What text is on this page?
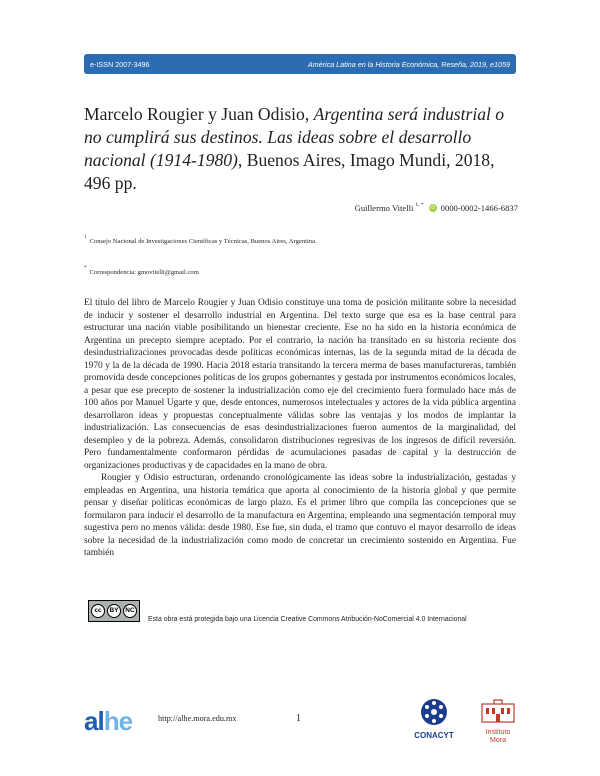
e-ISSN 2007-3496	América Latina en la Historia Económica, Reseña, 2019, e1059
Marcelo Rougier y Juan Odisio, Argentina será industrial o no cumplirá sus destinos. Las ideas sobre el desarrollo nacional (1914-1980), Buenos Aires, Imago Mundi, 2018, 496 pp.
Guillermo Vitelli $^{1, *}$	iD 0000-0002-1466-6837
$^1$Consejo Nacional de Investigaciones Científicas y Técnicas, Buenos Aires, Argentina.
*Correspondencia: gmovitelli@gmail.com

El título del libro de Marcelo Rougier y Juan Odisio constituye una toma de posición militante sobre la necesidad de inducir y sostener el desarrollo industrial en Argentina. Del texto surge que esa es la base central para estructurar una nación viable posibilitando un bienestar creciente. Ese no ha sido en la historia económica de Argentina un precepto siempre aceptado. Por el contrario, la nación ha transitado en su historia reciente dos desindustrializaciones provocadas desde políticas económicas internas, las de la segunda mitad de la década de 1970 y la de la década de 1990. Hacia 2018 estaría transitando la tercera merma de bases manufactureras, también promovida desde concepciones políticas de los grupos gobernantes y gestada por instrumentos económicos locales, a pesar que ese precepto de sostener la industrialización como eje del crecimiento fuera formulado hace más de 100 años por Manuel Ugarte y que, desde entonces, numerosos intelectuales y actores de la vida pública argentina desarrollaron ideas y propuestas conceptualmente válidas sobre las ventajas y los modos de implantar la industrialización. Las consecuencias de esas desindustrializaciones fueron aumentos de la marginalidad, del desempleo y de la pobreza. Además, consolidaron distribuciones regresivas de los ingresos de difícil reversión. Pero fundamentalmente conformaron pérdidas de acumulaciones pasadas de capital y la destrucción de organizaciones productivas y de capacidades en la mano de obra.

Rougier y Odisio estructuran, ordenando cronológicamente las ideas sobre la industrialización, gestadas y empleadas en Argentina, una historia temática que aporta al conocimiento de la historia global y que permite pensar y diseñar políticas económicas de largo plazo. Es el primer libro que compila las concepciones que se formularon para inducir el desarrollo de la manufactura en Argentina, empleando una segmentación temporal muy sugestiva pero no menos válida: desde 1980. Ese fue, sin duda, el tramo que contuvo el mayor desarrollo de ideas sobre la necesidad de la industrialización como modo de concretar un crecimiento sostenido en Argentina. Fue también

cc	BY	NC
Esta obra está protegida bajo una Licencia Creative Commons Atribución-NoComercial 4.0 Internacional
alhe	http://alhe.mora.edu.mx	1
CONACYT	Instituto
Mora
